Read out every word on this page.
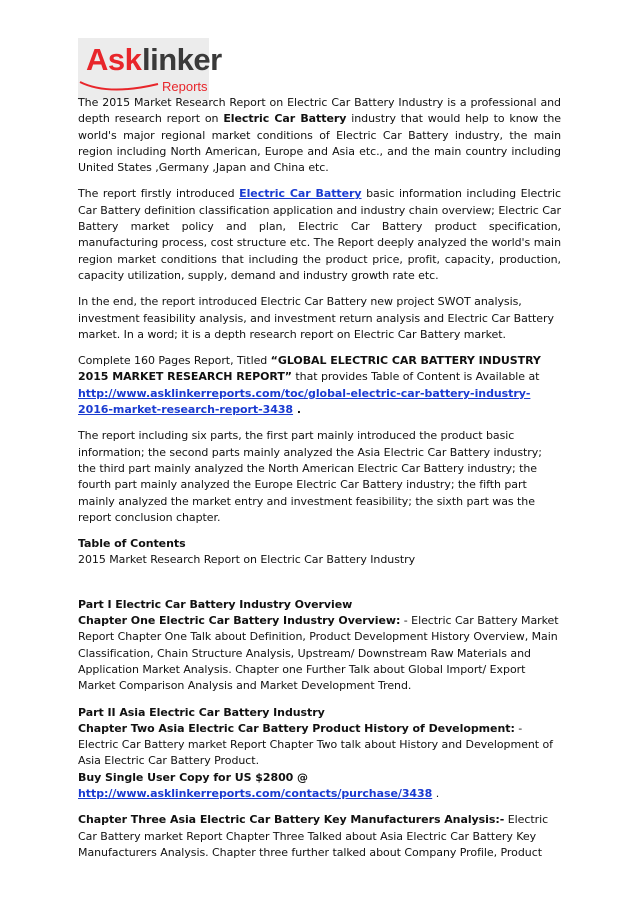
Ask linker
Reports

The 2015 Market Research Report on Electric Car Battery Industry is a professional and depth research report on Electric Car Battery industry that would help to know the world's major regional market conditions of Electric Car Battery industry, the main region including North American, Europe and Asia etc., and the main country including United States ,Germany ,Japan and China etc.

The report firstly introduced Electric Car Battery basic information including Electric Car Battery definition classification application and industry chain overview; Electric Car Battery market policy and plan, Electric Car Battery product specification, manufacturing process, cost structure etc. The Report deeply analyzed the world's main region market conditions that including the product price, profit, capacity, production, capacity utilization, supply, demand and industry growth rate etc.

In the end, the report introduced Electric Car Battery new project SWOT analysis, investment feasibility analysis, and investment return analysis and Electric Car Battery market. In a word; it is a depth research report on Electric Car Battery market.

Complete 160 Pages Report, Titled “GLOBAL ELECTRIC CAR BATTERY INDUSTRY 2015 MARKET RESEARCH REPORT” that provides Table of Content is Available at http://www.asklinkerreports.com/toc/global-electric-car-battery-industry-2016-market-research-report-3438 .

The report including six parts, the first part mainly introduced the product basic information; the second parts mainly analyzed the Asia Electric Car Battery industry; the third part mainly analyzed the North American Electric Car Battery industry; the fourth part mainly analyzed the Europe Electric Car Battery industry; the fifth part mainly analyzed the market entry and investment feasibility; the sixth part was the report conclusion chapter.

Table of Contents
2015 Market Research Report on Electric Car Battery Industry

Part I Electric Car Battery Industry Overview
Chapter One Electric Car Battery Industry Overview: - Electric Car Battery Market Report Chapter One Talk about Definition, Product Development History Overview, Main Classification, Chain Structure Analysis, Upstream/ Downstream Raw Materials and Application Market Analysis. Chapter one Further Talk about Global Import/ Export Market Comparison Analysis and Market Development Trend.

Part II Asia Electric Car Battery Industry
Chapter Two Asia Electric Car Battery Product History of Development: - Electric Car Battery market Report Chapter Two talk about History and Development of Asia Electric Car Battery Product.
Buy Single User Copy for US $2800 @
http://www.asklinkerreports.com/contacts/purchase/3438 .

Chapter Three Asia Electric Car Battery Key Manufacturers Analysis:- Electric Car Battery market Report Chapter Three Talked about Asia Electric Car Battery Key Manufacturers Analysis. Chapter three further talked about Company Profile, Product
